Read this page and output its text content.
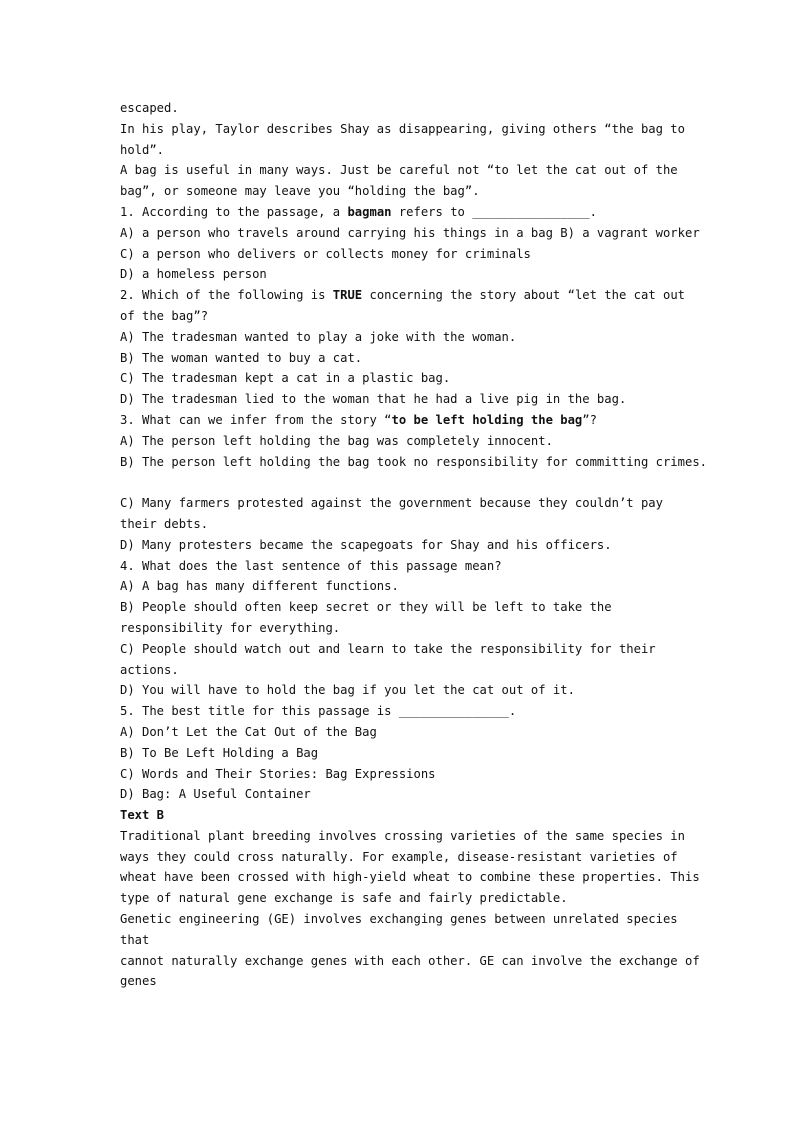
escaped.
In his play, Taylor describes Shay as disappearing, giving others “the bag to
hold”.
A bag is useful in many ways. Just be careful not “to let the cat out of the
bag”, or someone may leave you “holding the bag”.
1. According to the passage, a bagman refers to ________________.
A) a person who travels around carrying his things in a bag B) a vagrant worker
C) a person who delivers or collects money for criminals
D) a homeless person
2. Which of the following is TRUE concerning the story about “let the cat out
of the bag”?
A) The tradesman wanted to play a joke with the woman.
B) The woman wanted to buy a cat.
C) The tradesman kept a cat in a plastic bag.
D) The tradesman lied to the woman that he had a live pig in the bag.
3. What can we infer from the story “to be left holding the bag”?
A) The person left holding the bag was completely innocent.
B) The person left holding the bag took no responsibility for committing crimes.
C) Many farmers protested against the government because they couldn’t pay
their debts.
D) Many protesters became the scapegoats for Shay and his officers.
4. What does the last sentence of this passage mean?
A) A bag has many different functions.
B) People should often keep secret or they will be left to take the
responsibility for everything.
C) People should watch out and learn to take the responsibility for their
actions.
D) You will have to hold the bag if you let the cat out of it.
5. The best title for this passage is _______________.
A) Don’t Let the Cat Out of the Bag
B) To Be Left Holding a Bag
C) Words and Their Stories: Bag Expressions
D) Bag: A Useful Container
Text B
Traditional plant breeding involves crossing varieties of the same species in
ways they could cross naturally. For example, disease-resistant varieties of
wheat have been crossed with high-yield wheat to combine these properties. This
type of natural gene exchange is safe and fairly predictable.
Genetic engineering (GE) involves exchanging genes between unrelated species
that
cannot naturally exchange genes with each other. GE can involve the exchange of
genes
